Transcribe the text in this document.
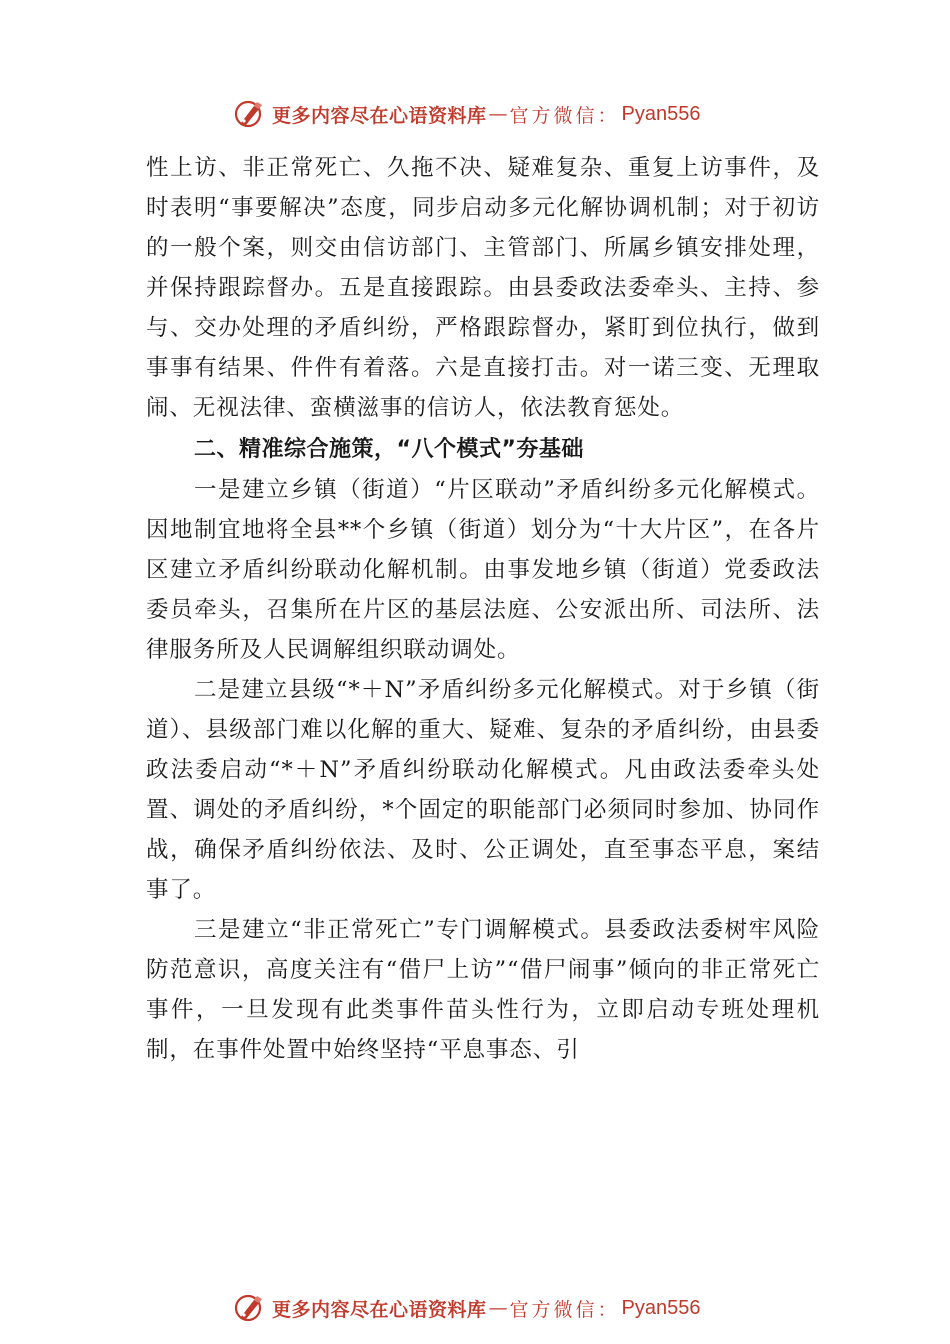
更多内容尽在心语资料库 — 官方微信： Pyan556

性上访、非正常死亡、久拖不决、疑难复杂、重复上访事件，及时表明“事要解决”态度，同步启动多元化解协调机制；对于初访的一般个案，则交由信访部门、主管部门、所属乡镇安排处理，并保持跟踪督办。五是直接跟踪。由县委政法委牵头、主持、参与、交办处理的矛盾纠纷，严格跟踪督办，紧盯到位执行，做到事事有结果、件件有着落。六是直接打击。对一诺三变、无理取闹、无视法律、蛮横滋事的信访人，依法教育惩处。

二、精准综合施策，“八个模式”夯基础

一是建立乡镇（街道）“片区联动”矛盾纠纷多元化解模式。因地制宜地将全县**个乡镇（街道）划分为“十大片区”，在各片区建立矛盾纠纷联动化解机制。由事发地乡镇（街道）党委政法委员牵头，召集所在片区的基层法庭、公安派出所、司法所、法律服务所及人民调解组织联动调处。

二是建立县级“*＋N”矛盾纠纷多元化解模式。对于乡镇（街道）、县级部门难以化解的重大、疑难、复杂的矛盾纠纷，由县委政法委启动“*＋N”矛盾纠纷联动化解模式。凡由政法委牵头处置、调处的矛盾纠纷，*个固定的职能部门必须同时参加、协同作战，确保矛盾纠纷依法、及时、公正调处，直至事态平息，案结事了。

三是建立“非正常死亡”专门调解模式。县委政法委树牢风险防范意识，高度关注有“借尸上访”“借尸闹事”倾向的非正常死亡事件，一旦发现有此类事件苗头性行为，立即启动专班处理机制，在事件处置中始终坚持“平息事态、引

更多内容尽在心语资料库 — 官方微信： Pyan556
